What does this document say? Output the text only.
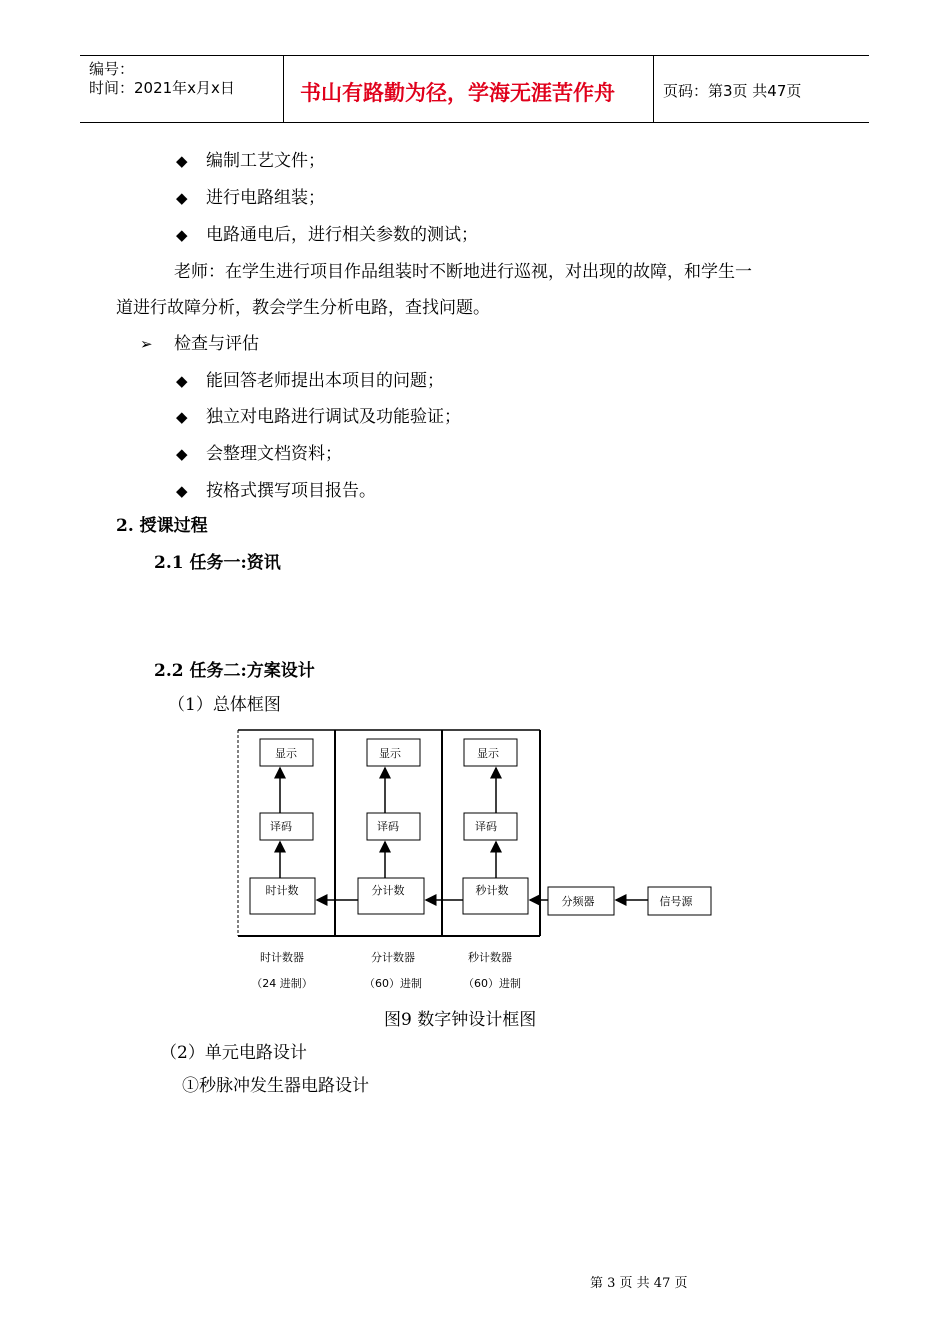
编号：
时间：2021年x月x日	书山有路勤为径，学海无涯苦作舟	页码：第3页 共47页
◆ 编制工艺文件；
◆ 进行电路组装；
◆ 电路通电后，进行相关参数的测试；
老师：在学生进行项目作品组装时不断地进行巡视，对出现的故障，和学生一
道进行故障分析，教会学生分析电路，查找问题。
➢ 检查与评估
◆ 能回答老师提出本项目的问题；
◆ 独立对电路进行调试及功能验证；
◆ 会整理文档资料；
◆ 按格式撰写项目报告。
2. 授课过程
2.1 任务一:资讯
2.2 任务二:方案设计
（1）总体框图
显示
译码
时计数
显示
译码
分计数
显示
译码
秒计数
分频器	信号源
时计数器
（24 进制）
分计数器
（60）进制
秒计数器
（60）进制
图9 数字钟设计框图
（2）单元电路设计
①秒脉冲发生器电路设计
第 3 页 共 47 页
